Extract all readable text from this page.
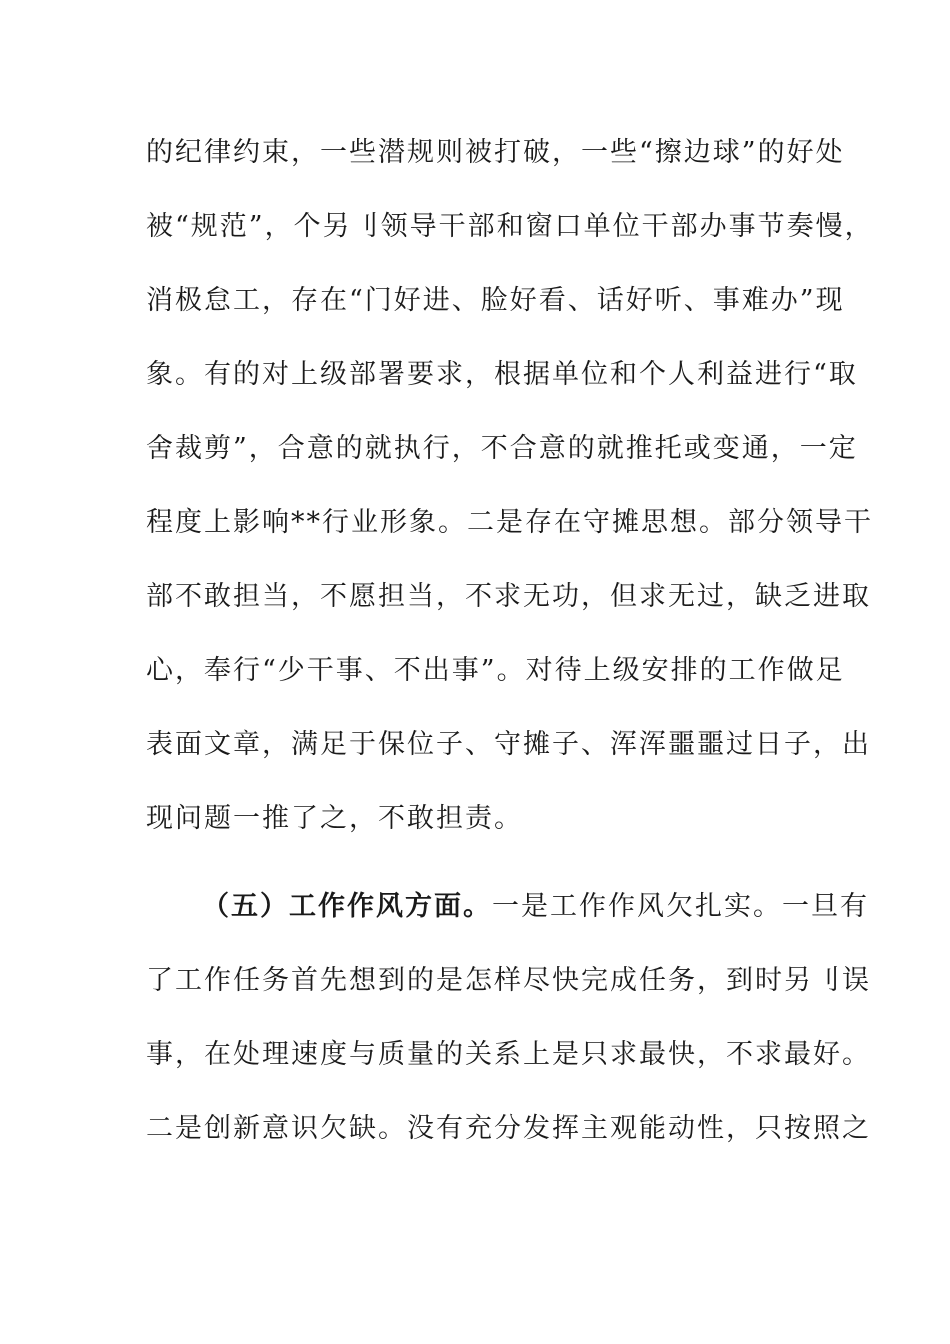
的纪律约束，一些潜规则被打破，一些“擦边球”的好处
被“规范”，个另刂领导干部和窗口单位干部办事节奏慢，
消极怠工，存在“门好进、脸好看、话好听、事难办”现
象。有的对上级部署要求，根据单位和个人利益进行“取
舍裁剪”，合意的就执行，不合意的就推托或变通，一定
程度上影响**行业形象。二是存在守摊思想。部分领导干
部不敢担当，不愿担当，不求无功，但求无过，缺乏进取
心，奉行“少干事、不出事”。对待上级安排的工作做足
表面文章，满足于保位子、守摊子、浑浑噩噩过日子，出
现问题一推了之，不敢担责。
（五）工作作风方面。一是工作作风欠扎实。一旦有
了工作任务首先想到的是怎样尽快完成任务，到时另刂误
事，在处理速度与质量的关系上是只求最快，不求最好。
二是创新意识欠缺。没有充分发挥主观能动性，只按照之
